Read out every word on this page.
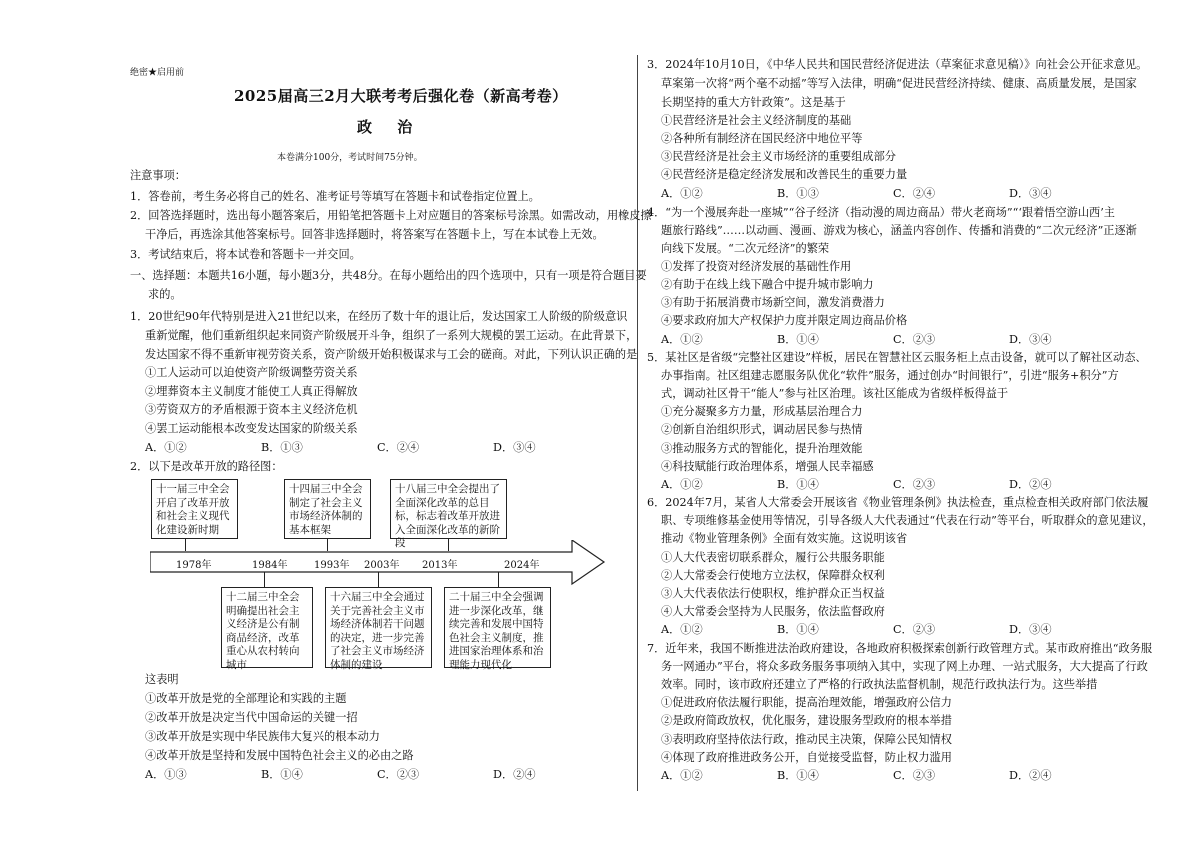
绝密★启用前
2025届高三2月大联考考后强化卷（新高考卷）
政 治
本卷满分100分，考试时间75分钟。
注意事项：
1．答卷前，考生务必将自己的姓名、准考证号等填写在答题卡和试卷指定位置上。
2．回答选择题时，选出每小题答案后，用铅笔把答题卡上对应题目的答案标号涂黑。如需改动，用橡皮擦
干净后，再选涂其他答案标号。回答非选择题时，将答案写在答题卡上，写在本试卷上无效。
3．考试结束后，将本试卷和答题卡一并交回。
一、选择题：本题共16小题，每小题3分，共48分。在每小题给出的四个选项中，只有一项是符合题目要
求的。
1．20世纪90年代特别是进入21世纪以来，在经历了数十年的退让后，发达国家工人阶级的阶级意识
重新觉醒，他们重新组织起来同资产阶级展开斗争，组织了一系列大规模的罢工运动。在此背景下，
发达国家不得不重新审视劳资关系，资产阶级开始积极谋求与工会的磋商。对此，下列认识正确的是
①工人运动可以迫使资产阶级调整劳资关系
②埋葬资本主义制度才能使工人真正得解放
③劳资双方的矛盾根源于资本主义经济危机
④罢工运动能根本改变发达国家的阶级关系
A．①②	B．①③	C．②④	D．③④
2．以下是改革开放的路径图：
十一届三中全会开启了改革开放和社会主义现代化建设新时期
十四届三中全会制定了社会主义市场经济体制的基本框架
十八届三中全会提出了全面深化改革的总目标，标志着改革开放进入全面深化改革的新阶段
1978年	1984年	1993年 2003年 2013年	2024年
十二届三中全会明确提出社会主义经济是公有制商品经济，改革重心从农村转向城市
十六届三中全会通过关于完善社会主义市场经济体制若干问题的决定，进一步完善了社会主义市场经济体制的建设
二十届三中全会强调进一步深化改革，继续完善和发展中国特色社会主义制度，推进国家治理体系和治理能力现代化
这表明
①改革开放是党的全部理论和实践的主题
②改革开放是决定当代中国命运的关键一招
③改革开放是实现中华民族伟大复兴的根本动力
④改革开放是坚持和发展中国特色社会主义的必由之路
A．①③	B．①④	C．②③	D．②④
3．2024年10月10日，《中华人民共和国民营经济促进法（草案征求意见稿）》向社会公开征求意见。
草案第一次将“两个毫不动摇”等写入法律，明确“促进民营经济持续、健康、高质量发展，是国家
长期坚持的重大方针政策”。这是基于
①民营经济是社会主义经济制度的基础
②各种所有制经济在国民经济中地位平等
③民营经济是社会主义市场经济的重要组成部分
④民营经济是稳定经济发展和改善民生的重要力量
A．①②	B．①③	C．②④	D．③④
4．“为一个漫展奔赴一座城”“谷子经济（指动漫的周边商品）带火老商场”“‘跟着悟空游山西’主
题旅行路线”……以动画、漫画、游戏为核心，涵盖内容创作、传播和消费的“二次元经济”正逐渐
向线下发展。“二次元经济”的繁荣
①发挥了投资对经济发展的基础性作用
②有助于在线上线下融合中提升城市影响力
③有助于拓展消费市场新空间，激发消费潜力
④要求政府加大产权保护力度并限定周边商品价格
A．①②	B．①④	C．②③	D．③④
5．某社区是省级“完整社区建设”样板，居民在智慧社区云服务柜上点击设备，就可以了解社区动态、
办事指南。社区组建志愿服务队优化“软件”服务，通过创办“时间银行”，引进“服务+积分”方
式，调动社区骨干“能人”参与社区治理。该社区能成为省级样板得益于
①充分凝聚多方力量，形成基层治理合力
②创新自治组织形式，调动居民参与热情
③推动服务方式的智能化，提升治理效能
④科技赋能行政治理体系，增强人民幸福感
A．①②	B．①④	C．②③	D．②④
6．2024年7月，某省人大常委会开展该省《物业管理条例》执法检查，重点检查相关政府部门依法履
职、专项维修基金使用等情况，引导各级人大代表通过“代表在行动”等平台，听取群众的意见建议，
推动《物业管理条例》全面有效实施。这说明该省
①人大代表密切联系群众，履行公共服务职能
②人大常委会行使地方立法权，保障群众权利
③人大代表依法行使职权，维护群众正当权益
④人大常委会坚持为人民服务，依法监督政府
A．①②	B．①④	C．②③	D．③④
7．近年来，我国不断推进法治政府建设，各地政府积极探索创新行政管理方式。某市政府推出“政务服
务一网通办”平台，将众多政务服务事项纳入其中，实现了网上办理、一站式服务，大大提高了行政
效率。同时，该市政府还建立了严格的行政执法监督机制，规范行政执法行为。这些举措
①促进政府依法履行职能，提高治理效能，增强政府公信力
②是政府简政放权，优化服务，建设服务型政府的根本举措
③表明政府坚持依法行政，推动民主决策，保障公民知情权
④体现了政府推进政务公开，自觉接受监督，防止权力滥用
A．①②	B．①④	C．②③	D．②④
